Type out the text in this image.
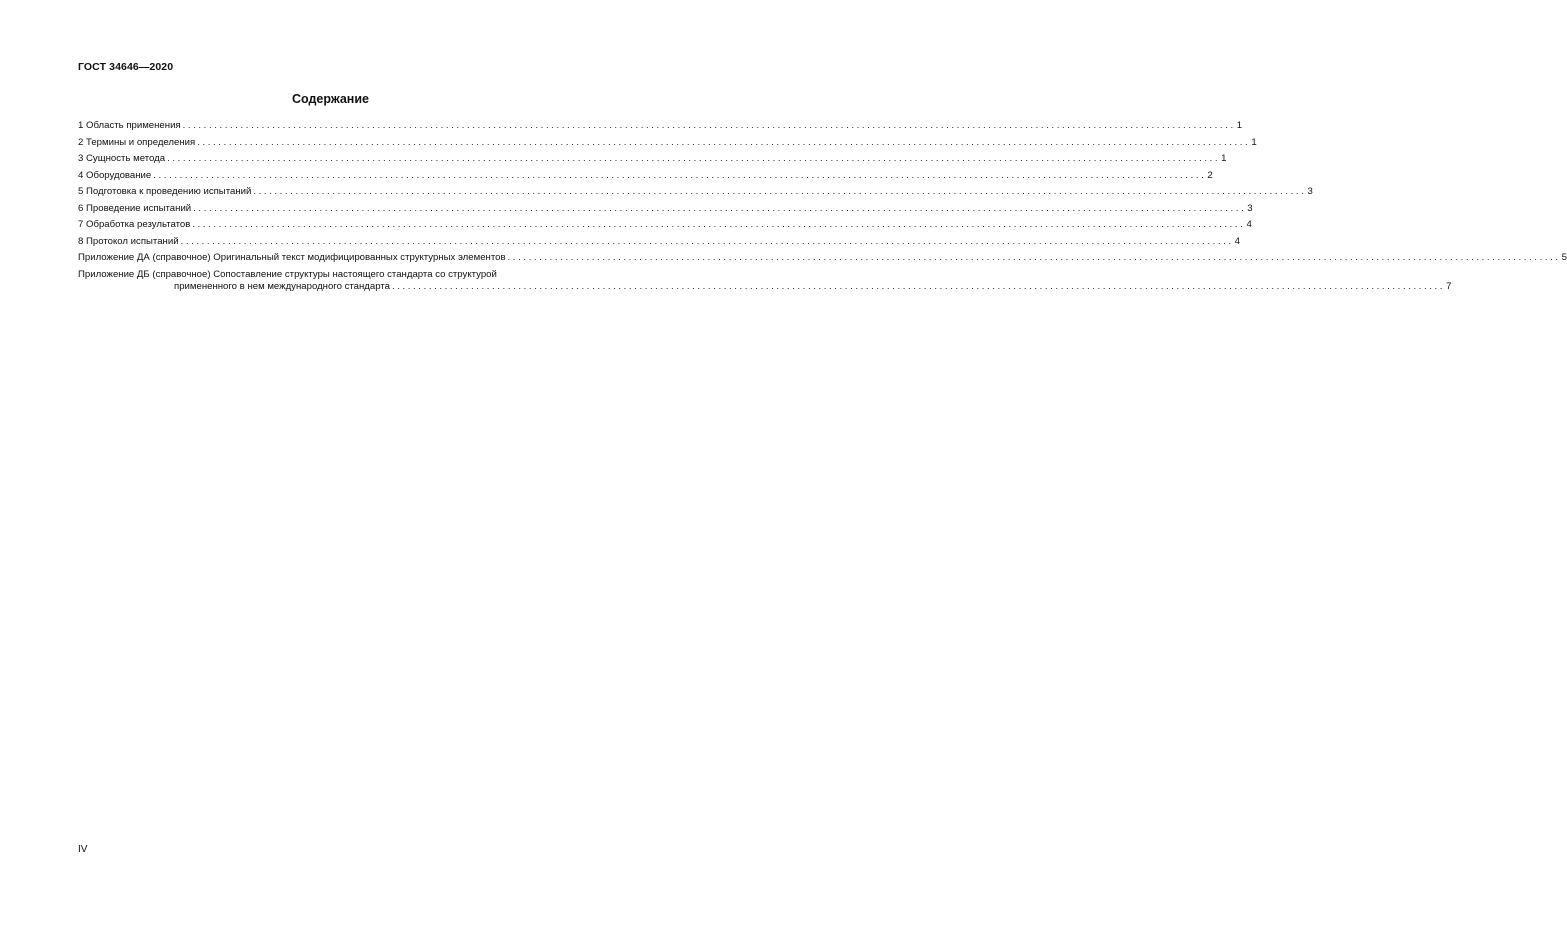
ГОСТ 34646—2020
Содержание
1 Область применения ........................................................................................................................................................................................................ 1
2 Термины и определения ........................................................................................................................................................................................................ 1
3 Сущность метода ........................................................................................................................................................................................................ 1
4 Оборудование ........................................................................................................................................................................................................ 2
5 Подготовка к проведению испытаний ........................................................................................................................................................................................................ 3
6 Проведение испытаний ........................................................................................................................................................................................................ 3
7 Обработка результатов ........................................................................................................................................................................................................ 4
8 Протокол испытаний ........................................................................................................................................................................................................ 4
Приложение ДА (справочное) Оригинальный текст модифицированных структурных элементов ........................................................................................................................................................................................................ 5
Приложение ДБ (справочное) Сопоставление структуры настоящего стандарта со структурой
примененного в нем международного стандарта ........................................................................................................................................................................................................ 7
IV
